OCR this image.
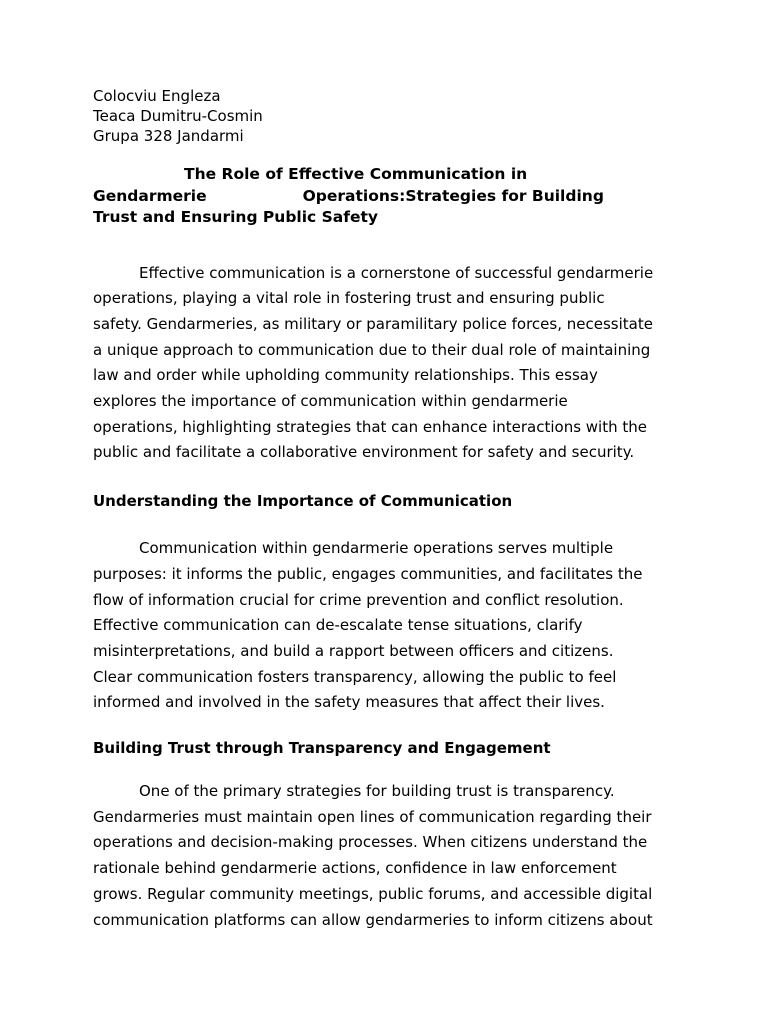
Colocviu Engleza

Teaca Dumitru-Cosmin

Grupa 328 Jandarmi

The Role of Effective Communication in
Gendarmerie	Operations:Strategies for Building
Trust and Ensuring Public Safety
Effective communication is a cornerstone of successful gendarmerie
operations, playing a vital role in fostering trust and ensuring public
safety. Gendarmeries, as military or paramilitary police forces, necessitate
a unique approach to communication due to their dual role of maintaining
law and order while upholding community relationships. This essay
explores the importance of communication within gendarmerie
operations, highlighting strategies that can enhance interactions with the
public and facilitate a collaborative environment for safety and security.
Understanding the Importance of Communication
Communication within gendarmerie operations serves multiple
purposes: it informs the public, engages communities, and facilitates the
flow of information crucial for crime prevention and conflict resolution.
Effective communication can de-escalate tense situations, clarify
misinterpretations, and build a rapport between officers and citizens.
Clear communication fosters transparency, allowing the public to feel
informed and involved in the safety measures that affect their lives.
Building Trust through Transparency and Engagement
One of the primary strategies for building trust is transparency.
Gendarmeries must maintain open lines of communication regarding their
operations and decision-making processes. When citizens understand the
rationale behind gendarmerie actions, confidence in law enforcement
grows. Regular community meetings, public forums, and accessible digital
communication platforms can allow gendarmeries to inform citizens about
